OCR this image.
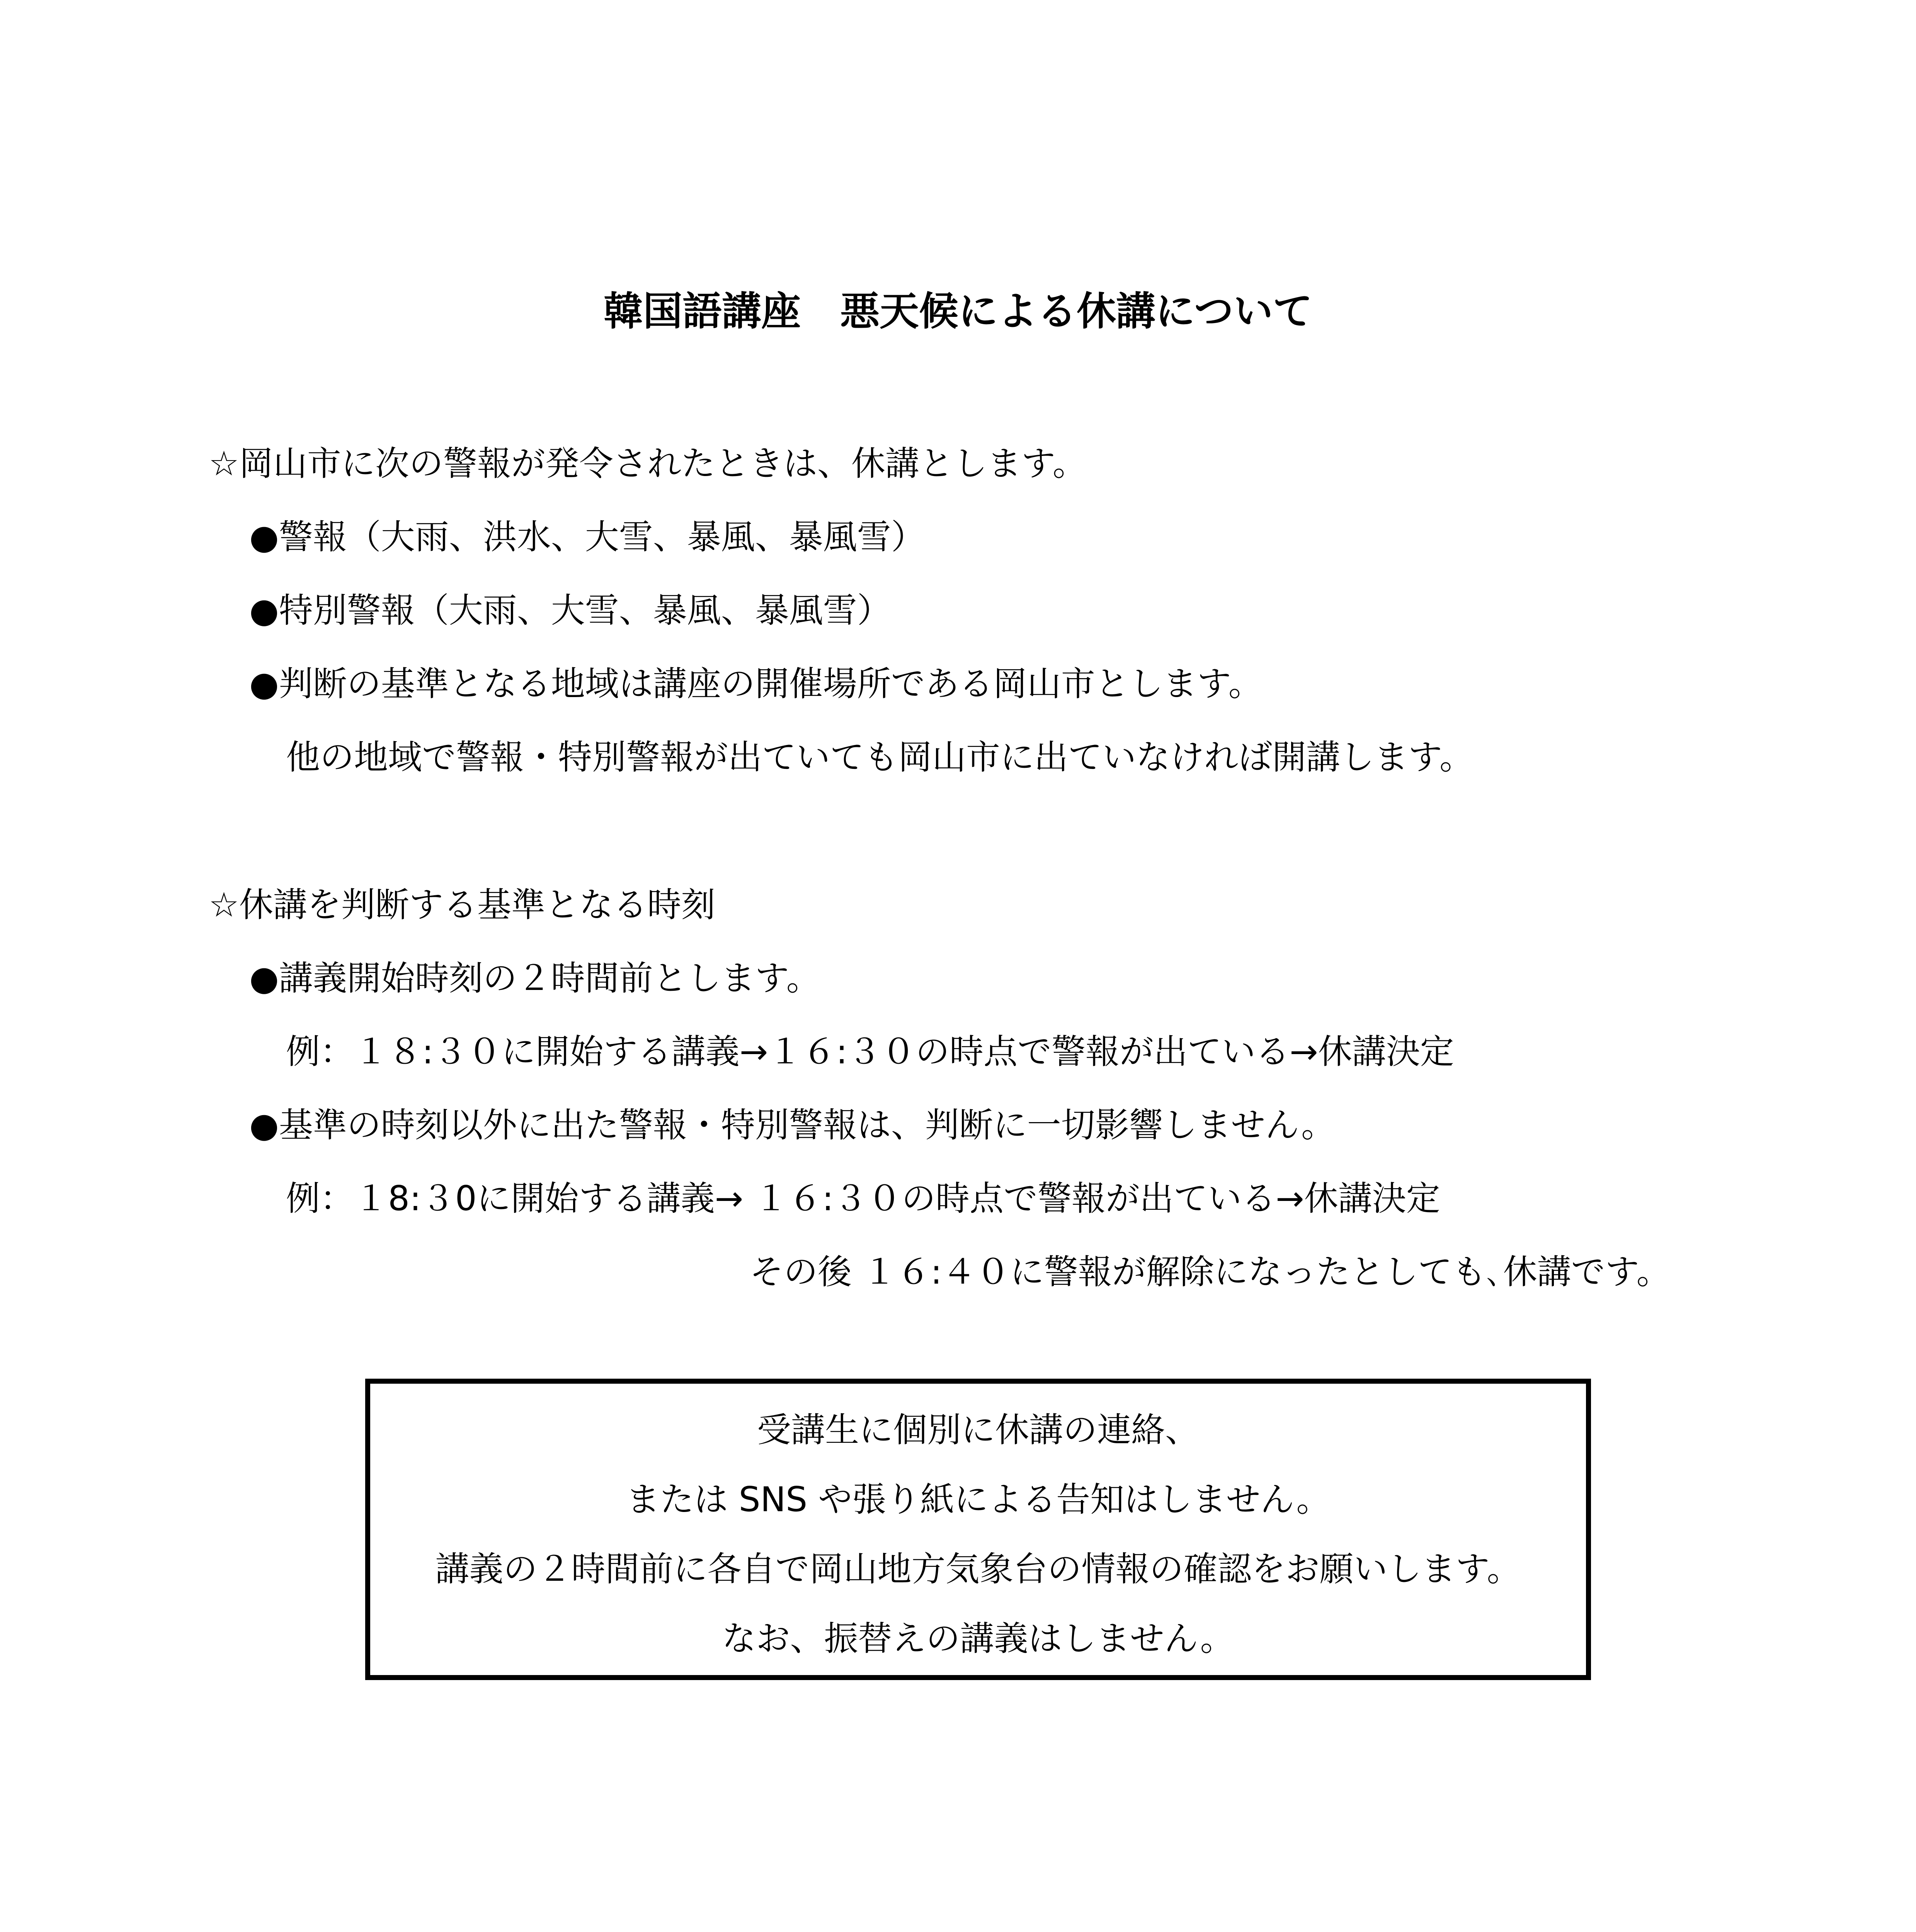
韓国語講座　悪天候による休講について
☆岡山市に次の警報が発令されたときは、休講とします。
●警報（大雨、洪水、大雪、暴風、暴風雪）
●特別警報（大雨、大雪、暴風、暴風雪）
●判断の基準となる地域は講座の開催場所である岡山市とします。
他の地域で警報・特別警報が出ていても岡山市に出ていなければ開講します。
☆休講を判断する基準となる時刻
●講義開始時刻の２時間前とします。
例：１８:３０に開始する講義→１６:３０の時点で警報が出ている→休講決定
●基準の時刻以外に出た警報・特別警報は、判断に一切影響しません。
例：１8:３0に開始する講義→ １６:３０の時点で警報が出ている→休講決定
その後 １６:４０に警報が解除になったとしても､休講です。
受講生に個別に休講の連絡、
または SNS や張り紙による告知はしません。
講義の２時間前に各自で岡山地方気象台の情報の確認をお願いします。
なお、振替えの講義はしません。
